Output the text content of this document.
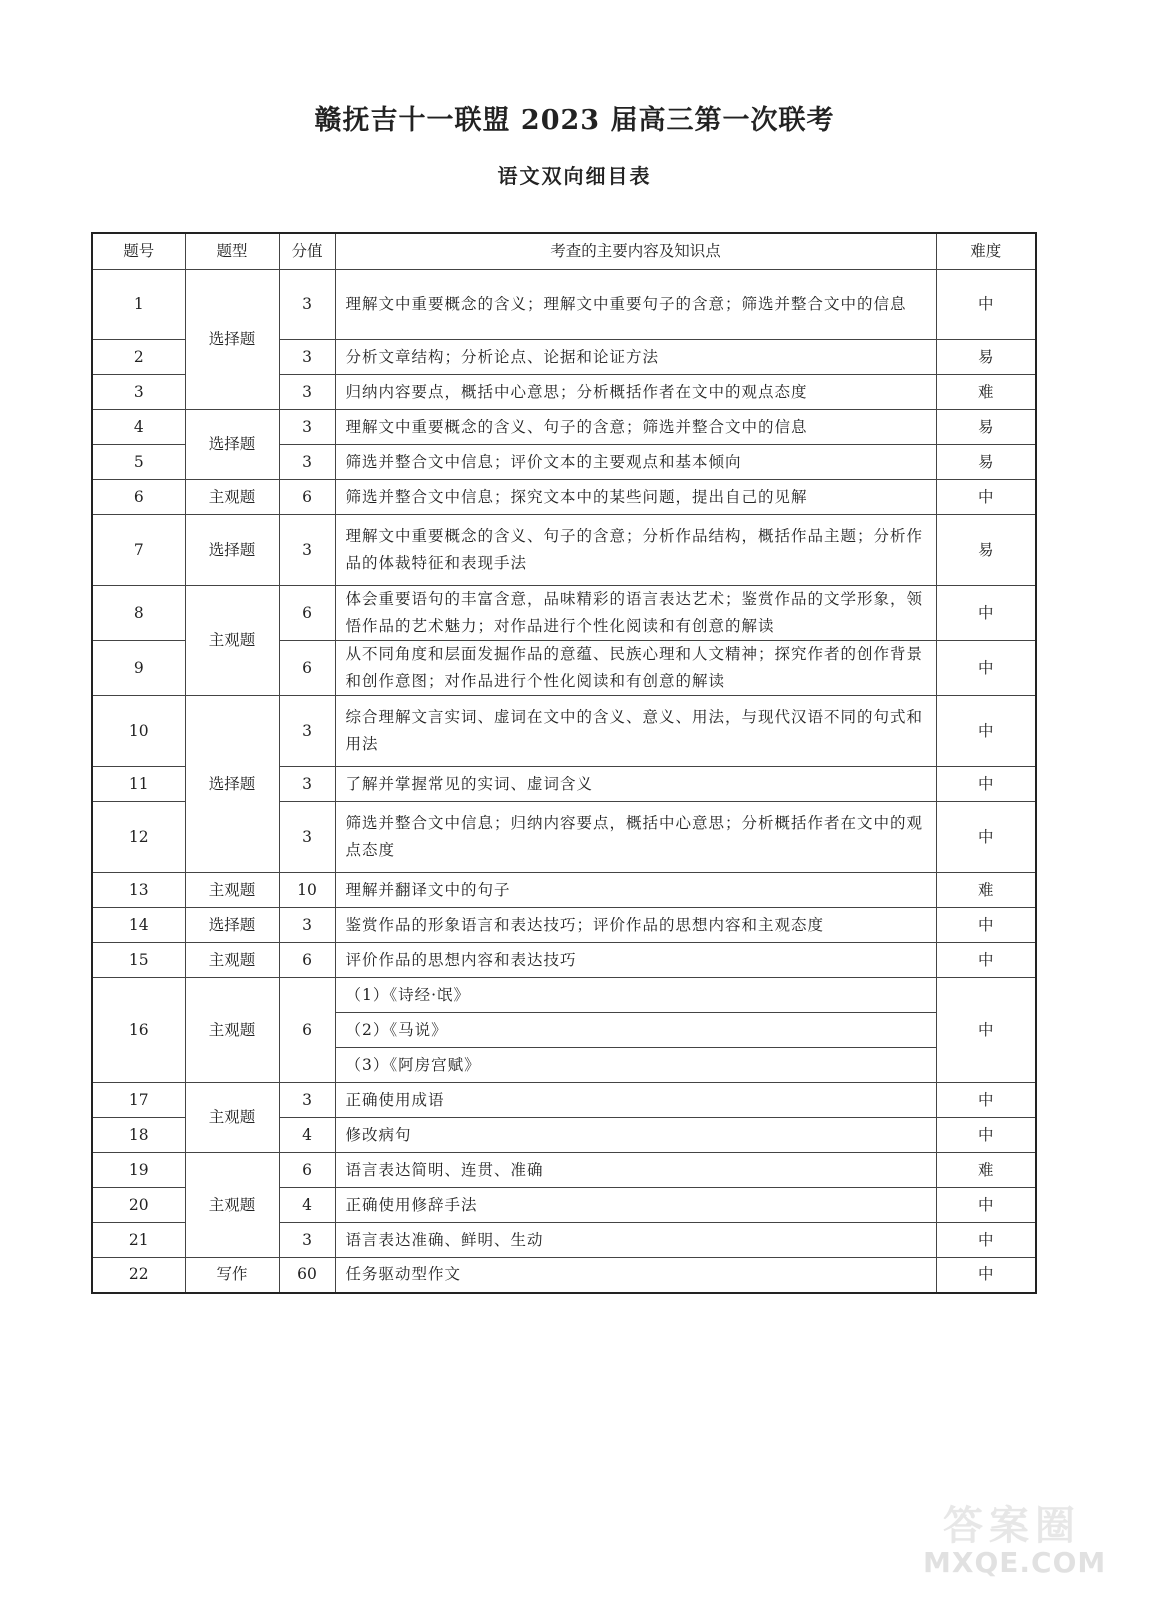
赣抚吉十一联盟 2023 届高三第一次联考
语文双向细目表
题号	题型	分值	考查的主要内容及知识点	难度
1	选择题	3	理解文中重要概念的含义；理解文中重要句子的含意；筛选并整合文中的信息	中
2		3	分析文章结构；分析论点、论据和论证方法	易
3		3	归纳内容要点，概括中心意思；分析概括作者在文中的观点态度	难
4	选择题	3	理解文中重要概念的含义、句子的含意；筛选并整合文中的信息	易
5		3	筛选并整合文中信息；评价文本的主要观点和基本倾向	易
6	主观题	6	筛选并整合文中信息；探究文本中的某些问题，提出自己的见解	中
7	选择题	3	理解文中重要概念的含义、句子的含意；分析作品结构，概括作品主题；分析作品的体裁特征和表现手法	易
8	主观题	6	体会重要语句的丰富含意，品味精彩的语言表达艺术；鉴赏作品的文学形象，领悟作品的艺术魅力；对作品进行个性化阅读和有创意的解读	中
9		6	从不同角度和层面发掘作品的意蕴、民族心理和人文精神；探究作者的创作背景和创作意图；对作品进行个性化阅读和有创意的解读	中
10	选择题	3	综合理解文言实词、虚词在文中的含义、意义、用法，与现代汉语不同的句式和用法	中
11		3	了解并掌握常见的实词、虚词含义	中
12		3	筛选并整合文中信息；归纳内容要点，概括中心意思；分析概括作者在文中的观点态度	中
13	主观题	10	理解并翻译文中的句子	难
14	选择题	3	鉴赏作品的形象语言和表达技巧；评价作品的思想内容和主观态度	中
15	主观题	6	评价作品的思想内容和表达技巧	中
16	主观题	6	（1）《诗经·氓》	中
			（2）《马说》	
			（3）《阿房宫赋》	
17	主观题	3	正确使用成语	中
18		4	修改病句	中
19	主观题	6	语言表达简明、连贯、准确	难
20		4	正确使用修辞手法	中
21		3	语言表达准确、鲜明、生动	中
22	写作	60	任务驱动型作文	中
答案圈
MXQE.COM
